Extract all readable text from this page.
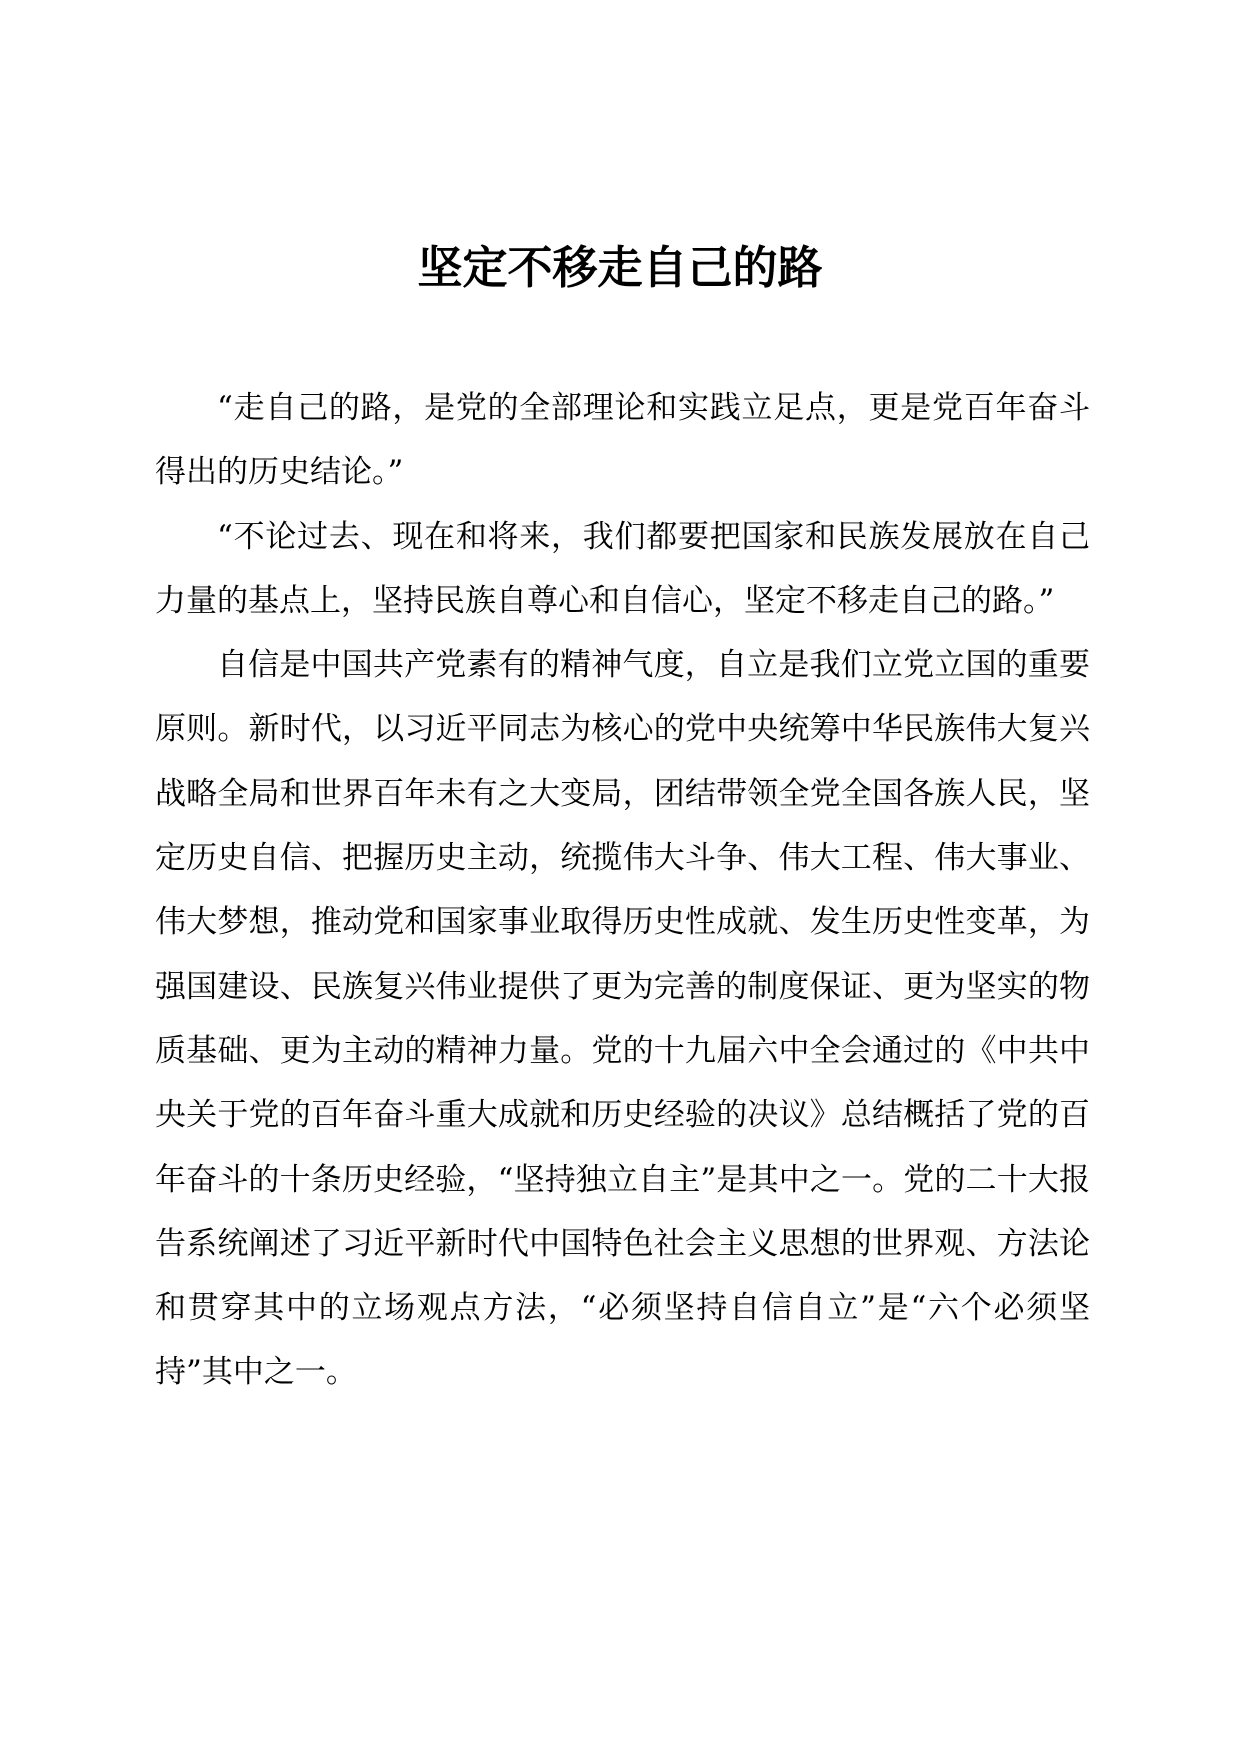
坚定不移走自己的路

“走自己的路，是党的全部理论和实践立足点，更是党百年奋斗得出的历史结论。”

“不论过去、现在和将来，我们都要把国家和民族发展放在自己力量的基点上，坚持民族自尊心和自信心，坚定不移走自己的路。”

自信是中国共产党素有的精神气度，自立是我们立党立国的重要原则。新时代，以习近平同志为核心的党中央统筹中华民族伟大复兴战略全局和世界百年未有之大变局，团结带领全党全国各族人民，坚定历史自信、把握历史主动，统揽伟大斗争、伟大工程、伟大事业、伟大梦想，推动党和国家事业取得历史性成就、发生历史性变革，为强国建设、民族复兴伟业提供了更为完善的制度保证、更为坚实的物质基础、更为主动的精神力量。党的十九届六中全会通过的《中共中央关于党的百年奋斗重大成就和历史经验的决议》总结概括了党的百年奋斗的十条历史经验，“坚持独立自主”是其中之一。党的二十大报告系统阐述了习近平新时代中国特色社会主义思想的世界观、方法论和贯穿其中的立场观点方法，“必须坚持自信自立”是“六个必须坚持”其中之一。
